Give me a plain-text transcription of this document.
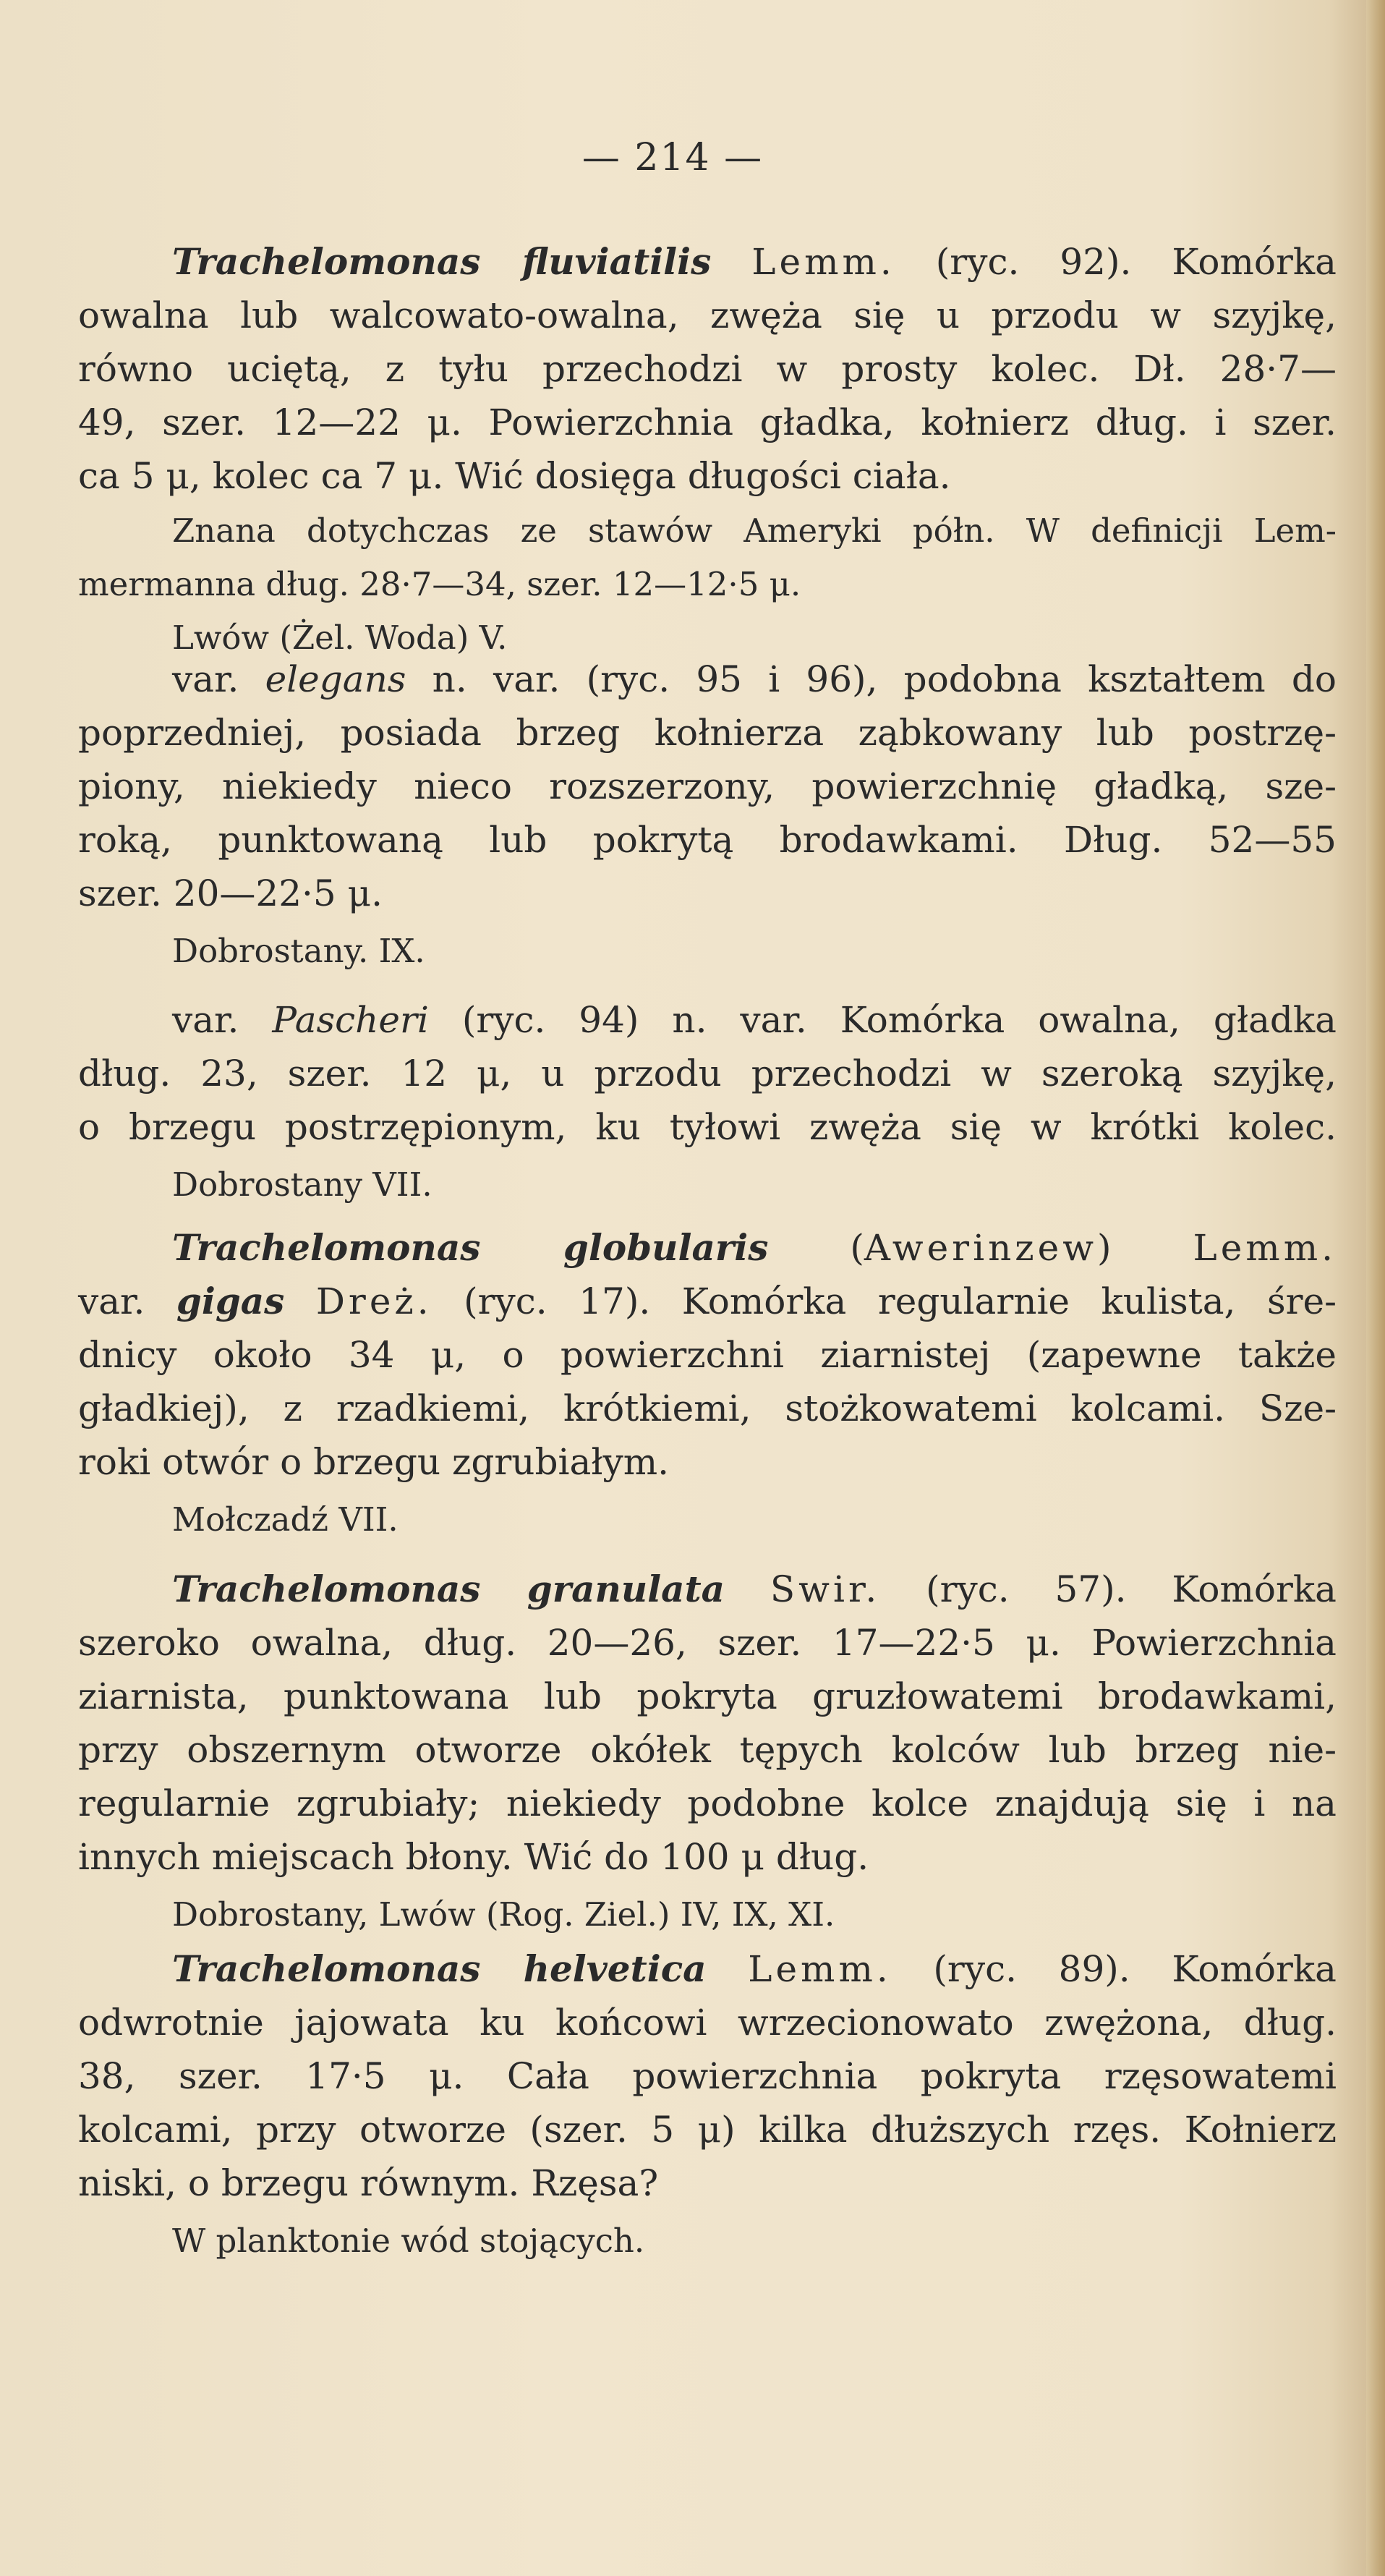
— 214 —
Trachelomonas fluviatilis Lemm. (ryc. 92). Komórka
owalna lub walcowato-owalna, zwęża się u przodu w szyjkę,
równo uciętą, z tyłu przechodzi w prosty kolec. Dł. 28·7—
49, szer. 12—22 μ. Powierzchnia gładka, kołnierz dług. i szer.
ca 5 μ, kolec ca 7 μ. Wić dosięga długości ciała.
Znana dotychczas ze stawów Ameryki półn. W definicji Lem-
mermanna dług. 28·7—34, szer. 12—12·5 μ.
Lwów (Żel. Woda) V.
var. elegans n. var. (ryc. 95 i 96), podobna kształtem do
poprzedniej, posiada brzeg kołnierza ząbkowany lub postrzę-
piony, niekiedy nieco rozszerzony, powierzchnię gładką, sze-
roką, punktowaną lub pokrytą brodawkami. Dług. 52—55
szer. 20—22·5 μ.
Dobrostany. IX.
var. Pascheri (ryc. 94) n. var. Komórka owalna, gładka
dług. 23, szer. 12 μ, u przodu przechodzi w szeroką szyjkę,
o brzegu postrzępionym, ku tyłowi zwęża się w krótki kolec.
Dobrostany VII.
Trachelomonas globularis (Awerinzew) Lemm.
var. gigas Dreż. (ryc. 17). Komórka regularnie kulista, śre-
dnicy około 34 μ, o powierzchni ziarnistej (zapewne także
gładkiej), z rzadkiemi, krótkiemi, stożkowatemi kolcami. Sze-
roki otwór o brzegu zgrubiałym.
Mołczadź VII.
Trachelomonas granulata Swir. (ryc. 57). Komórka
szeroko owalna, dług. 20—26, szer. 17—22·5 μ. Powierzchnia
ziarnista, punktowana lub pokryta gruzłowatemi brodawkami,
przy obszernym otworze okółek tępych kolców lub brzeg nie-
regularnie zgrubiały; niekiedy podobne kolce znajdują się i na
innych miejscach błony. Wić do 100 μ dług.
Dobrostany, Lwów (Rog. Ziel.) IV, IX, XI.
Trachelomonas helvetica Lemm. (ryc. 89). Komórka
odwrotnie jajowata ku końcowi wrzecionowato zwężona, dług.
38, szer. 17·5 μ. Cała powierzchnia pokryta rzęsowatemi
kolcami, przy otworze (szer. 5 μ) kilka dłuższych rzęs. Kołnierz
niski, o brzegu równym. Rzęsa?
W planktonie wód stojących.
